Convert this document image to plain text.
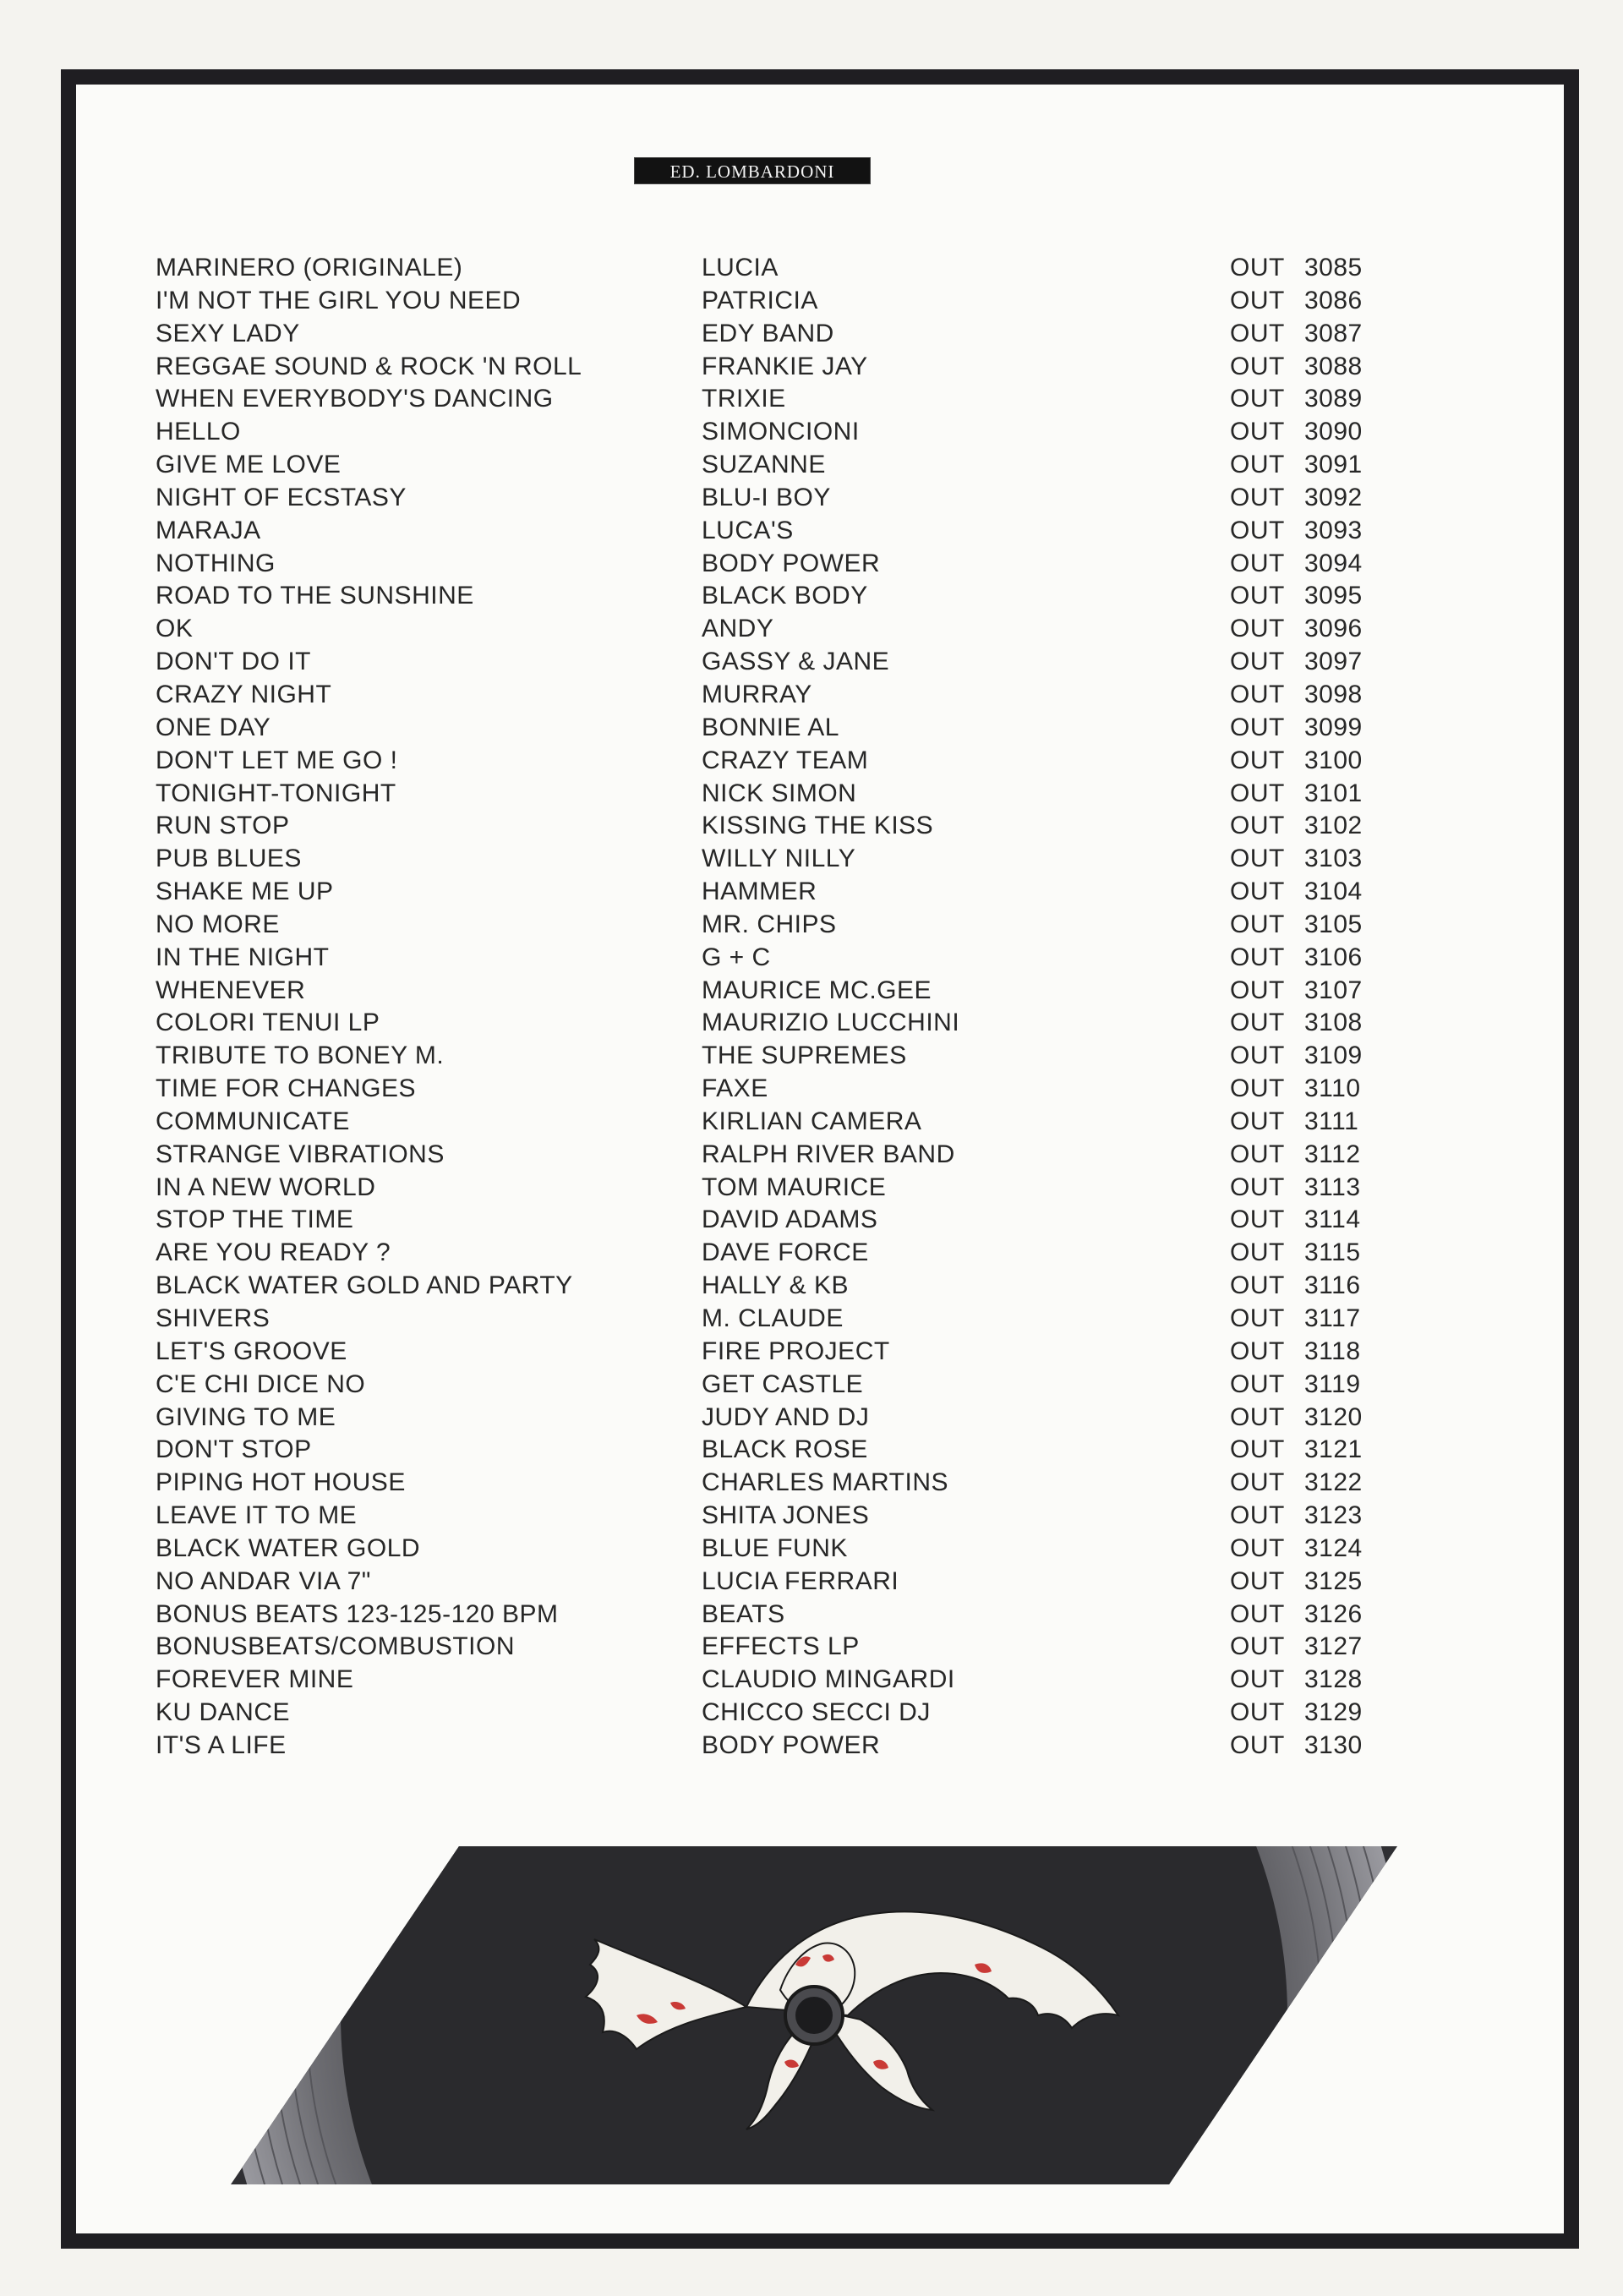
ED. LOMBARDONI
MARINERO (ORIGINALE)	LUCIA	OUT 3085
I'M NOT THE GIRL YOU NEED	PATRICIA	OUT 3086
SEXY LADY	EDY BAND	OUT 3087
REGGAE SOUND & ROCK 'N ROLL	FRANKIE JAY	OUT 3088
WHEN EVERYBODY'S DANCING	TRIXIE	OUT 3089
HELLO	SIMONCIONI	OUT 3090
GIVE ME LOVE	SUZANNE	OUT 3091
NIGHT OF ECSTASY	BLU-I BOY	OUT 3092
MARAJA	LUCA'S	OUT 3093
NOTHING	BODY POWER	OUT 3094
ROAD TO THE SUNSHINE	BLACK BODY	OUT 3095
OK	ANDY	OUT 3096
DON'T DO IT	GASSY & JANE	OUT 3097
CRAZY NIGHT	MURRAY	OUT 3098
ONE DAY	BONNIE AL	OUT 3099
DON'T LET ME GO !	CRAZY TEAM	OUT 3100
TONIGHT-TONIGHT	NICK SIMON	OUT 3101
RUN STOP	KISSING THE KISS	OUT 3102
PUB BLUES	WILLY NILLY	OUT 3103
SHAKE ME UP	HAMMER	OUT 3104
NO MORE	MR. CHIPS	OUT 3105
IN THE NIGHT	G + C	OUT 3106
WHENEVER	MAURICE MC.GEE	OUT 3107
COLORI TENUI LP	MAURIZIO LUCCHINI	OUT 3108
TRIBUTE TO BONEY M.	THE SUPREMES	OUT 3109
TIME FOR CHANGES	FAXE	OUT 3110
COMMUNICATE	KIRLIAN CAMERA	OUT 3111
STRANGE VIBRATIONS	RALPH RIVER BAND	OUT 3112
IN A NEW WORLD	TOM MAURICE	OUT 3113
STOP THE TIME	DAVID ADAMS	OUT 3114
ARE YOU READY ?	DAVE FORCE	OUT 3115
BLACK WATER GOLD AND PARTY	HALLY & KB	OUT 3116
SHIVERS	M. CLAUDE	OUT 3117
LET'S GROOVE	FIRE PROJECT	OUT 3118
C'E CHI DICE NO	GET CASTLE	OUT 3119
GIVING TO ME	JUDY AND DJ	OUT 3120
DON'T STOP	BLACK ROSE	OUT 3121
PIPING HOT HOUSE	CHARLES MARTINS	OUT 3122
LEAVE IT TO ME	SHITA JONES	OUT 3123
BLACK WATER GOLD	BLUE FUNK	OUT 3124
NO ANDAR VIA 7"	LUCIA FERRARI	OUT 3125
BONUS BEATS 123-125-120 BPM	BEATS	OUT 3126
BONUSBEATS/COMBUSTION	EFFECTS LP	OUT 3127
FOREVER MINE	CLAUDIO MINGARDI	OUT 3128
KU DANCE	CHICCO SECCI DJ	OUT 3129
IT'S A LIFE	BODY POWER	OUT 3130
